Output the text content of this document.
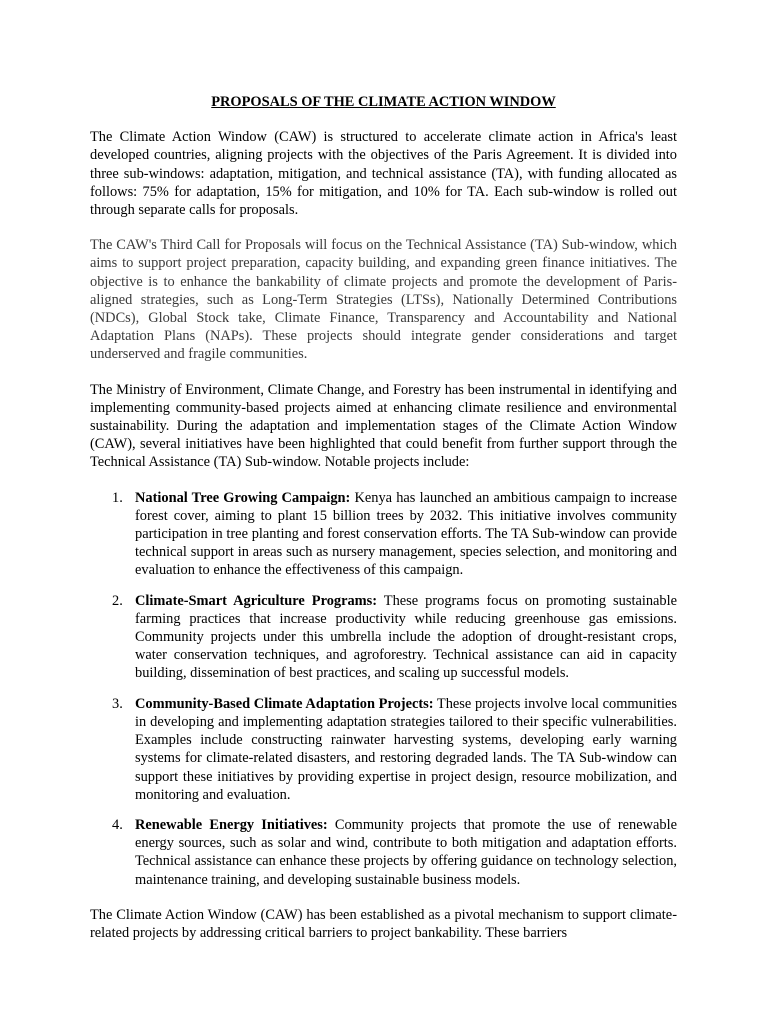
PROPOSALS OF THE CLIMATE ACTION WINDOW

The Climate Action Window (CAW) is structured to accelerate climate action in Africa's least developed countries, aligning projects with the objectives of the Paris Agreement. It is divided into three sub-windows: adaptation, mitigation, and technical assistance (TA), with funding allocated as follows: 75% for adaptation, 15% for mitigation, and 10% for TA. Each sub-window is rolled out through separate calls for proposals.

The CAW's Third Call for Proposals will focus on the Technical Assistance (TA) Sub-window, which aims to support project preparation, capacity building, and expanding green finance initiatives. The objective is to enhance the bankability of climate projects and promote the development of Paris-aligned strategies, such as Long-Term Strategies (LTSs), Nationally Determined Contributions (NDCs), Global Stock take, Climate Finance, Transparency and Accountability and National Adaptation Plans (NAPs). These projects should integrate gender considerations and target underserved and fragile communities.

The Ministry of Environment, Climate Change, and Forestry has been instrumental in identifying and implementing community-based projects aimed at enhancing climate resilience and environmental sustainability. During the adaptation and implementation stages of the Climate Action Window (CAW), several initiatives have been highlighted that could benefit from further support through the Technical Assistance (TA) Sub-window. Notable projects include:

1. National Tree Growing Campaign: Kenya has launched an ambitious campaign to increase forest cover, aiming to plant 15 billion trees by 2032. This initiative involves community participation in tree planting and forest conservation efforts. The TA Sub-window can provide technical support in areas such as nursery management, species selection, and monitoring and evaluation to enhance the effectiveness of this campaign.
2. Climate-Smart Agriculture Programs: These programs focus on promoting sustainable farming practices that increase productivity while reducing greenhouse gas emissions. Community projects under this umbrella include the adoption of drought-resistant crops, water conservation techniques, and agroforestry. Technical assistance can aid in capacity building, dissemination of best practices, and scaling up successful models.
3. Community-Based Climate Adaptation Projects: These projects involve local communities in developing and implementing adaptation strategies tailored to their specific vulnerabilities. Examples include constructing rainwater harvesting systems, developing early warning systems for climate-related disasters, and restoring degraded lands. The TA Sub-window can support these initiatives by providing expertise in project design, resource mobilization, and monitoring and evaluation.
4. Renewable Energy Initiatives: Community projects that promote the use of renewable energy sources, such as solar and wind, contribute to both mitigation and adaptation efforts. Technical assistance can enhance these projects by offering guidance on technology selection, maintenance training, and developing sustainable business models.

The Climate Action Window (CAW) has been established as a pivotal mechanism to support climate-related projects by addressing critical barriers to project bankability. These barriers
